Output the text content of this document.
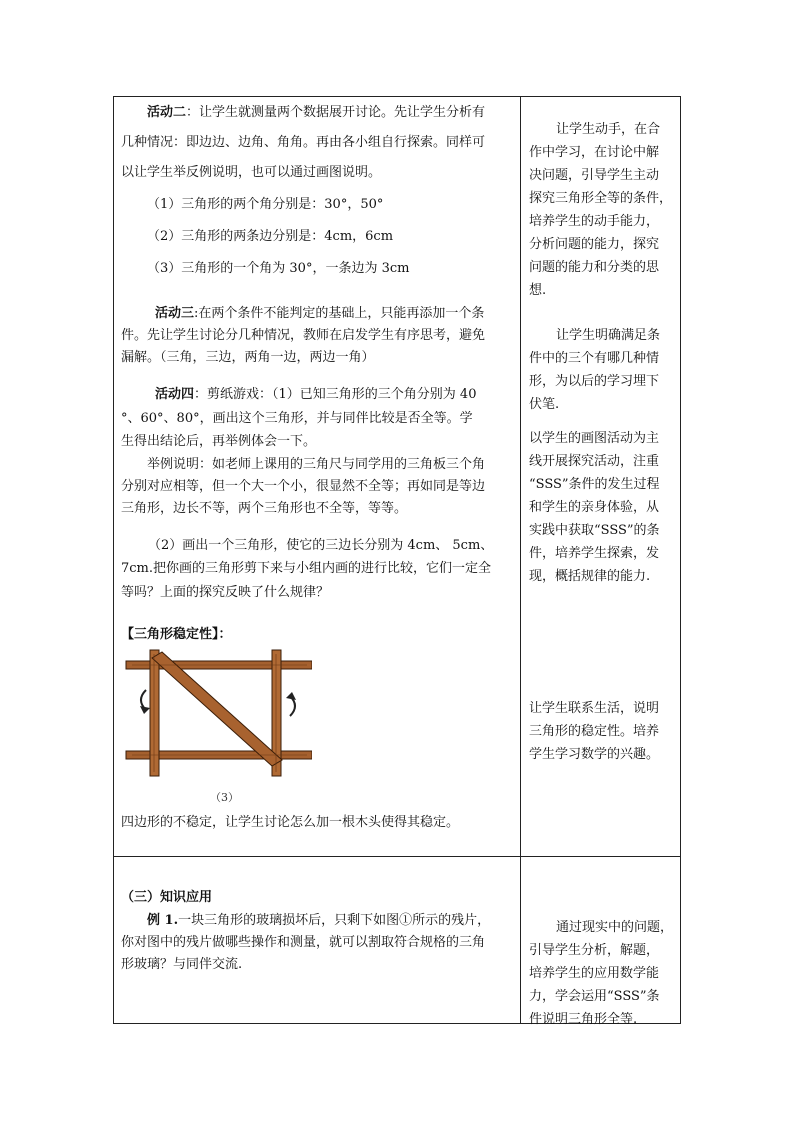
活动二：让学生就测量两个数据展开讨论。先让学生分析有
几种情况：即边边、边角、角角。再由各小组自行探索。同样可
以让学生举反例说明，也可以通过画图说明。
（1）三角形的两个角分别是：30°，50°
（2）三角形的两条边分别是：4cm，6cm
（3）三角形的一个角为 30°，一条边为 3cm
活动三:在两个条件不能判定的基础上，只能再添加一个条
件。先让学生讨论分几种情况，教师在启发学生有序思考，避免
漏解。（三角，三边，两角一边，两边一角）
活动四：剪纸游戏：（1）已知三角形的三个角分别为 40
°、60°、80°，画出这个三角形，并与同伴比较是否全等。学
生得出结论后，再举例体会一下。
举例说明：如老师上课用的三角尺与同学用的三角板三个角
分别对应相等，但一个大一个小，很显然不全等；再如同是等边
三角形，边长不等，两个三角形也不全等，等等。
（2）画出一个三角形，使它的三边长分别为 4cm、 5cm、
7cm.把你画的三角形剪下来与小组内画的进行比较，它们一定全
等吗？上面的探究反映了什么规律？
【三角形稳定性】：
（3）
四边形的不稳定，让学生讨论怎么加一根木头使得其稳定。
（三）知识应用
例 1.一块三角形的玻璃损坏后，只剩下如图①所示的残片，
你对图中的残片做哪些操作和测量，就可以割取符合规格的三角
形玻璃？与同伴交流.
让学生动手，在合
作中学习，在讨论中解
决问题，引导学生主动
探究三角形全等的条件，
培养学生的动手能力，
分析问题的能力，探究
问题的能力和分类的思
想.
让学生明确满足条
件中的三个有哪几种情
形，为以后的学习埋下
伏笔.
以学生的画图活动为主
线开展探究活动，注重
“SSS”条件的发生过程
和学生的亲身体验，从
实践中获取“SSS”的条
件，培养学生探索，发
现，概括规律的能力.
让学生联系生活，说明
三角形的稳定性。培养
学生学习数学的兴趣。
通过现实中的问题，
引导学生分析，解题，
培养学生的应用数学能
力，学会运用“SSS”条
件说明三角形全等.
